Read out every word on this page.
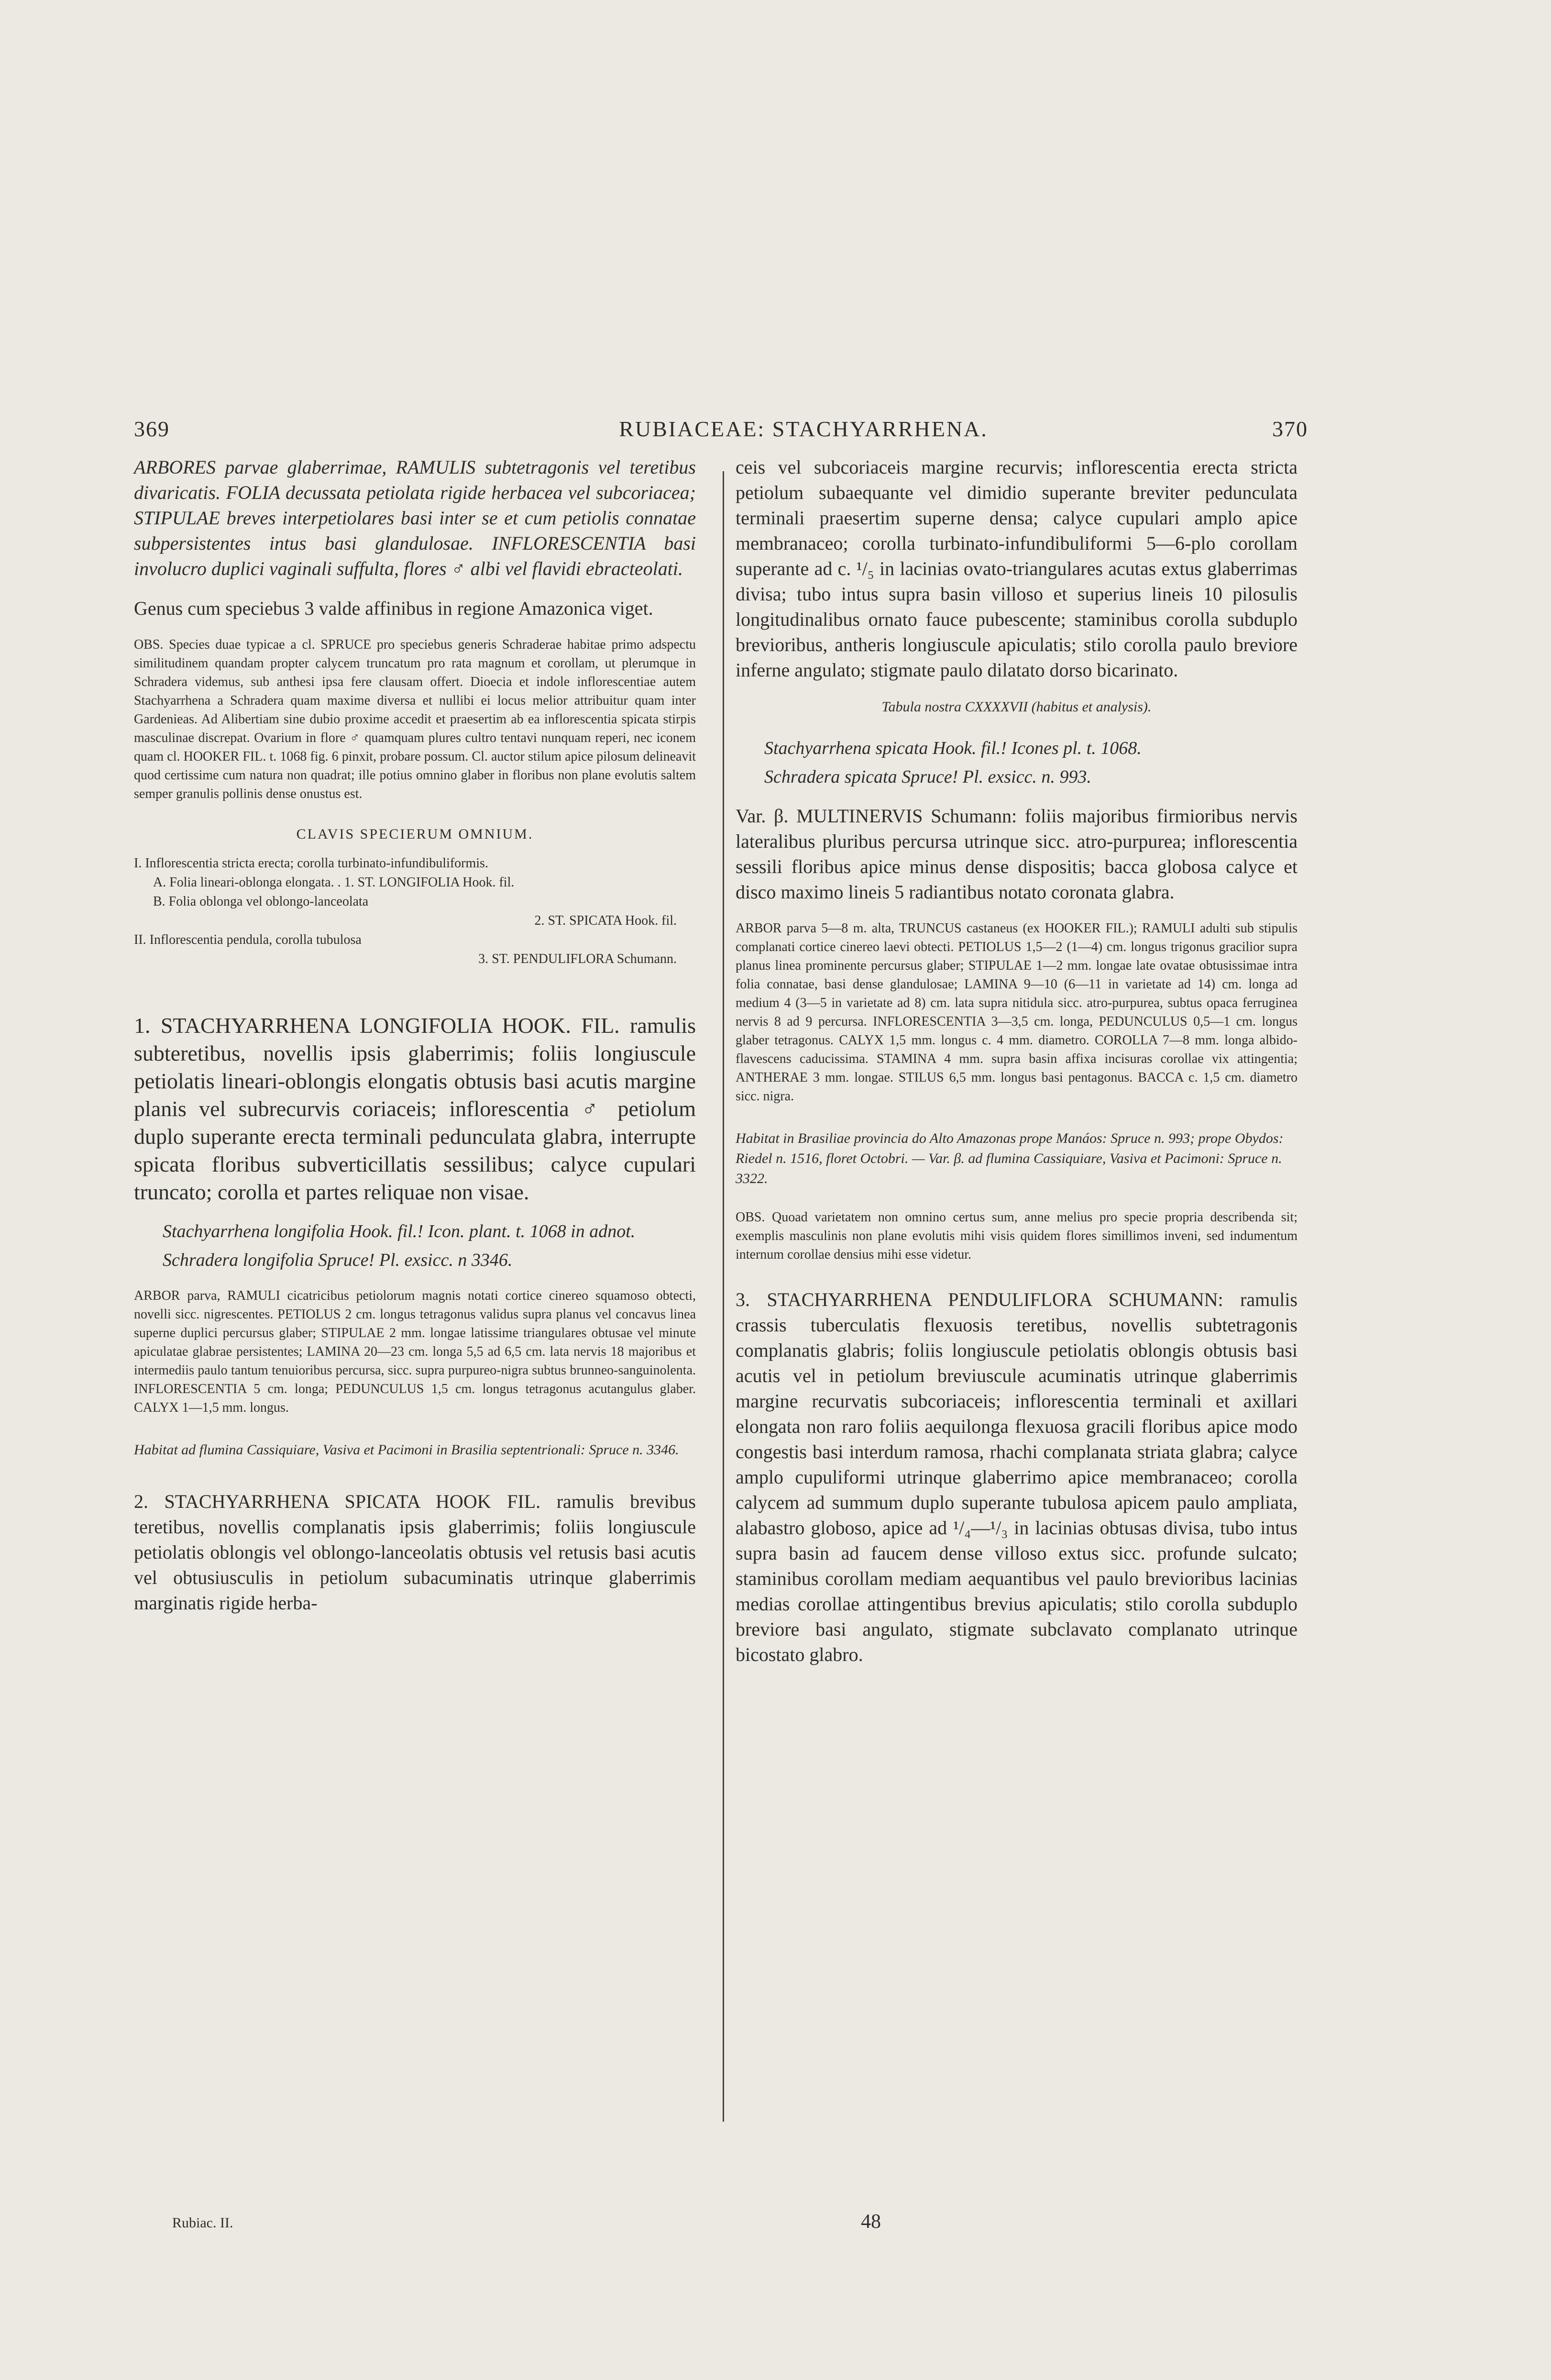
369	RUBIACEAE: STACHYARRHENA.	370

ARBORES parvae glaberrimae, RAMULIS subtetragonis vel teretibus divaricatis. FOLIA decussata petiolata rigide herbacea vel subcoriacea; STIPULAE breves interpetiolares basi inter se et cum petiolis connatae subpersistentes intus basi glandulosae. INFLORESCENTIA basi involucro duplici vaginali suffulta, flores ♂ albi vel flavidi ebracteolati.

Genus cum speciebus 3 valde affinibus in regione Amazonica viget.

OBS. Species duae typicae a cl. SPRUCE pro speciebus generis Schraderae habitae primo adspectu similitudinem quandam propter calycem truncatum pro rata magnum et corollam, ut plerumque in Schradera videmus, sub anthesi ipsa fere clausam offert. Dioecia et indole inflorescentiae autem Stachyarrhena a Schradera quam maxime diversa et nullibi ei locus melior attribuitur quam inter Gardenieas. Ad Alibertiam sine dubio proxime accedit et praesertim ab ea inflorescentia spicata stirpis masculinae discrepat. Ovarium in flore ♂ quamquam plures cultro tentavi nunquam reperi, nec iconem quam cl. HOOKER FIL. t. 1068 fig. 6 pinxit, probare possum. Cl. auctor stilum apice pilosum delineavit quod certissime cum natura non quadrat; ille potius omnino glaber in floribus non plane evolutis saltem semper granulis pollinis dense onustus est.

CLAVIS SPECIERUM OMNIUM.

I. Inflorescentia stricta erecta; corolla turbinato-infundibuliformis.

A. Folia lineari-oblonga elongata. . 1. ST. LONGIFOLIA Hook. fil.

B. Folia oblonga vel oblongo-lanceolata

2. ST. SPICATA Hook. fil.

II. Inflorescentia pendula, corolla tubulosa

3. ST. PENDULIFLORA Schumann.

1. STACHYARRHENA LONGIFOLIA HOOK. FIL. ramulis subteretibus, novellis ipsis glaberrimis; foliis longiuscule petiolatis lineari-oblongis elongatis obtusis basi acutis margine planis vel subrecurvis coriaceis; inflorescentia ♂ petiolum duplo superante erecta terminali pedunculata glabra, interrupte spicata floribus subverticillatis sessilibus; calyce cupulari truncato; corolla et partes reliquae non visae.

Stachyarrhena longifolia Hook. fil.! Icon. plant. t. 1068 in adnot.

Schradera longifolia Spruce! Pl. exsicc. n 3346.

ARBOR parva, RAMULI cicatricibus petiolorum magnis notati cortice cinereo squamoso obtecti, novelli sicc. nigrescentes. PETIOLUS 2 cm. longus tetragonus validus supra planus vel concavus linea superne duplici percursus glaber; STIPULAE 2 mm. longae latissime triangulares obtusae vel minute apiculatae glabrae persistentes; LAMINA 20—23 cm. longa 5,5 ad 6,5 cm. lata nervis 18 majoribus et intermediis paulo tantum tenuioribus percursa, sicc. supra purpureo-nigra subtus brunneo-sanguinolenta. INFLORESCENTIA 5 cm. longa; PEDUNCULUS 1,5 cm. longus tetragonus acutangulus glaber. CALYX 1—1,5 mm. longus.

Habitat ad flumina Cassiquiare, Vasiva et Pacimoni in Brasilia septentrionali: Spruce n. 3346.

2. STACHYARRHENA SPICATA HOOK FIL. ramulis brevibus teretibus, novellis complanatis ipsis glaberrimis; foliis longiuscule petiolatis oblongis vel oblongo-lanceolatis obtusis vel retusis basi acutis vel obtusiusculis in petiolum subacuminatis utrinque glaberrimis marginatis rigide herba-

ceis vel subcoriaceis margine recurvis; inflorescentia erecta stricta petiolum subaequante vel dimidio superante breviter pedunculata terminali praesertim superne densa; calyce cupulari amplo apice membranaceo; corolla turbinato-infundibuliformi 5—6-plo corollam superante ad c. ¹/₅ in lacinias ovato-triangulares acutas extus glaberrimas divisa; tubo intus supra basin villoso et superius lineis 10 pilosulis longitudinalibus ornato fauce pubescente; staminibus corolla subduplo brevioribus, antheris longiuscule apiculatis; stilo corolla paulo breviore inferne angulato; stigmate paulo dilatato dorso bicarinato.

Tabula nostra CXXXXVII (habitus et analysis).

Stachyarrhena spicata Hook. fil.! Icones pl. t. 1068.

Schradera spicata Spruce! Pl. exsicc. n. 993.

Var. β. MULTINERVIS Schumann: foliis majoribus firmioribus nervis lateralibus pluribus percursa utrinque sicc. atro-purpurea; inflorescentia sessili floribus apice minus dense dispositis; bacca globosa calyce et disco maximo lineis 5 radiantibus notato coronata glabra.

ARBOR parva 5—8 m. alta, TRUNCUS castaneus (ex HOOKER FIL.); RAMULI adulti sub stipulis complanati cortice cinereo laevi obtecti. PETIOLUS 1,5—2 (1—4) cm. longus trigonus gracilior supra planus linea prominente percursus glaber; STIPULAE 1—2 mm. longae late ovatae obtusissimae intra folia connatae, basi dense glandulosae; LAMINA 9—10 (6—11 in varietate ad 14) cm. longa ad medium 4 (3—5 in varietate ad 8) cm. lata supra nitidula sicc. atro-purpurea, subtus opaca ferruginea nervis 8 ad 9 percursa. INFLORESCENTIA 3—3,5 cm. longa, PEDUNCULUS 0,5—1 cm. longus glaber tetragonus. CALYX 1,5 mm. longus c. 4 mm. diametro. COROLLA 7—8 mm. longa albido-flavescens caducissima. STAMINA 4 mm. supra basin affixa incisuras corollae vix attingentia; ANTHERAE 3 mm. longae. STILUS 6,5 mm. longus basi pentagonus. BACCA c. 1,5 cm. diametro sicc. nigra.

Habitat in Brasiliae provincia do Alto Amazonas prope Manáos: Spruce n. 993; prope Obydos: Riedel n. 1516, floret Octobri. — Var. β. ad flumina Cassiquiare, Vasiva et Pacimoni: Spruce n. 3322.

OBS. Quoad varietatem non omnino certus sum, anne melius pro specie propria describenda sit; exemplis masculinis non plane evolutis mihi visis quidem flores simillimos inveni, sed indumentum internum corollae densius mihi esse videtur.

3. STACHYARRHENA PENDULIFLORA SCHUMANN: ramulis crassis tuberculatis flexuosis teretibus, novellis subtetragonis complanatis glabris; foliis longiuscule petiolatis oblongis obtusis basi acutis vel in petiolum breviuscule acuminatis utrinque glaberrimis margine recurvatis subcoriaceis; inflorescentia terminali et axillari elongata non raro foliis aequilonga flexuosa gracili floribus apice modo congestis basi interdum ramosa, rhachi complanata striata glabra; calyce amplo cupuliformi utrinque glaberrimo apice membranaceo; corolla calycem ad summum duplo superante tubulosa apicem paulo ampliata, alabastro globoso, apice ad ¹/₄—¹/₃ in lacinias obtusas divisa, tubo intus supra basin ad faucem dense villoso extus sicc. profunde sulcato; staminibus corollam mediam aequantibus vel paulo brevioribus lacinias medias corollae attingentibus brevius apiculatis; stilo corolla subduplo breviore basi angulato, stigmate subclavato complanato utrinque bicostato glabro.

Rubiac. II.	48
